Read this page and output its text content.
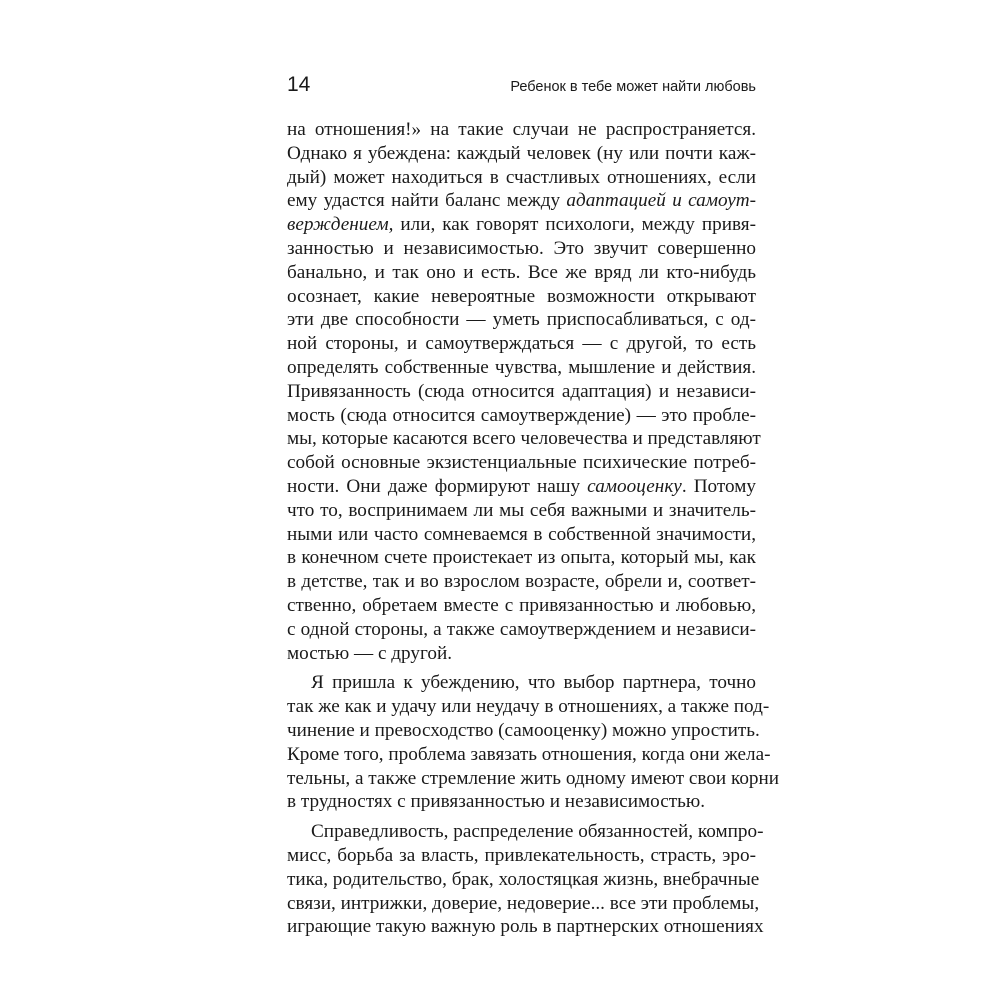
14	Ребенок в тебе может найти любовь
на отношения!» на такие случаи не распространяется.
Однако я убеждена: каждый человек (ну или почти каж-
дый) может находиться в счастливых отношениях, если
ему удастся найти баланс между адаптацией и самоут-
верждением, или, как говорят психологи, между привя-
занностью и независимостью. Это звучит совершенно
банально, и так оно и есть. Все же вряд ли кто-нибудь
осознает, какие невероятные возможности открывают
эти две способности — уметь приспосабливаться, с од-
ной стороны, и самоутверждаться — с другой, то есть
определять собственные чувства, мышление и действия.
Привязанность (сюда относится адаптация) и независи-
мость (сюда относится самоутверждение) — это пробле-
мы, которые касаются всего человечества и представляют
собой основные экзистенциальные психические потреб-
ности. Они даже формируют нашу самооценку. Потому
что то, воспринимаем ли мы себя важными и значитель-
ными или часто сомневаемся в собственной значимости,
в конечном счете проистекает из опыта, который мы, как
в детстве, так и во взрослом возрасте, обрели и, соответ-
ственно, обретаем вместе с привязанностью и любовью,
с одной стороны, а также самоутверждением и независи-
мостью — с другой.
Я пришла к убеждению, что выбор партнера, точно
так же как и удачу или неудачу в отношениях, а также под-
чинение и превосходство (самооценку) можно упростить.
Кроме того, проблема завязать отношения, когда они жела-
тельны, а также стремление жить одному имеют свои корни
в трудностях с привязанностью и независимостью.
Справедливость, распределение обязанностей, компро-
мисс, борьба за власть, привлекательность, страсть, эро-
тика, родительство, брак, холостяцкая жизнь, внебрачные
связи, интрижки, доверие, недоверие... все эти проблемы,
играющие такую важную роль в партнерских отношениях
